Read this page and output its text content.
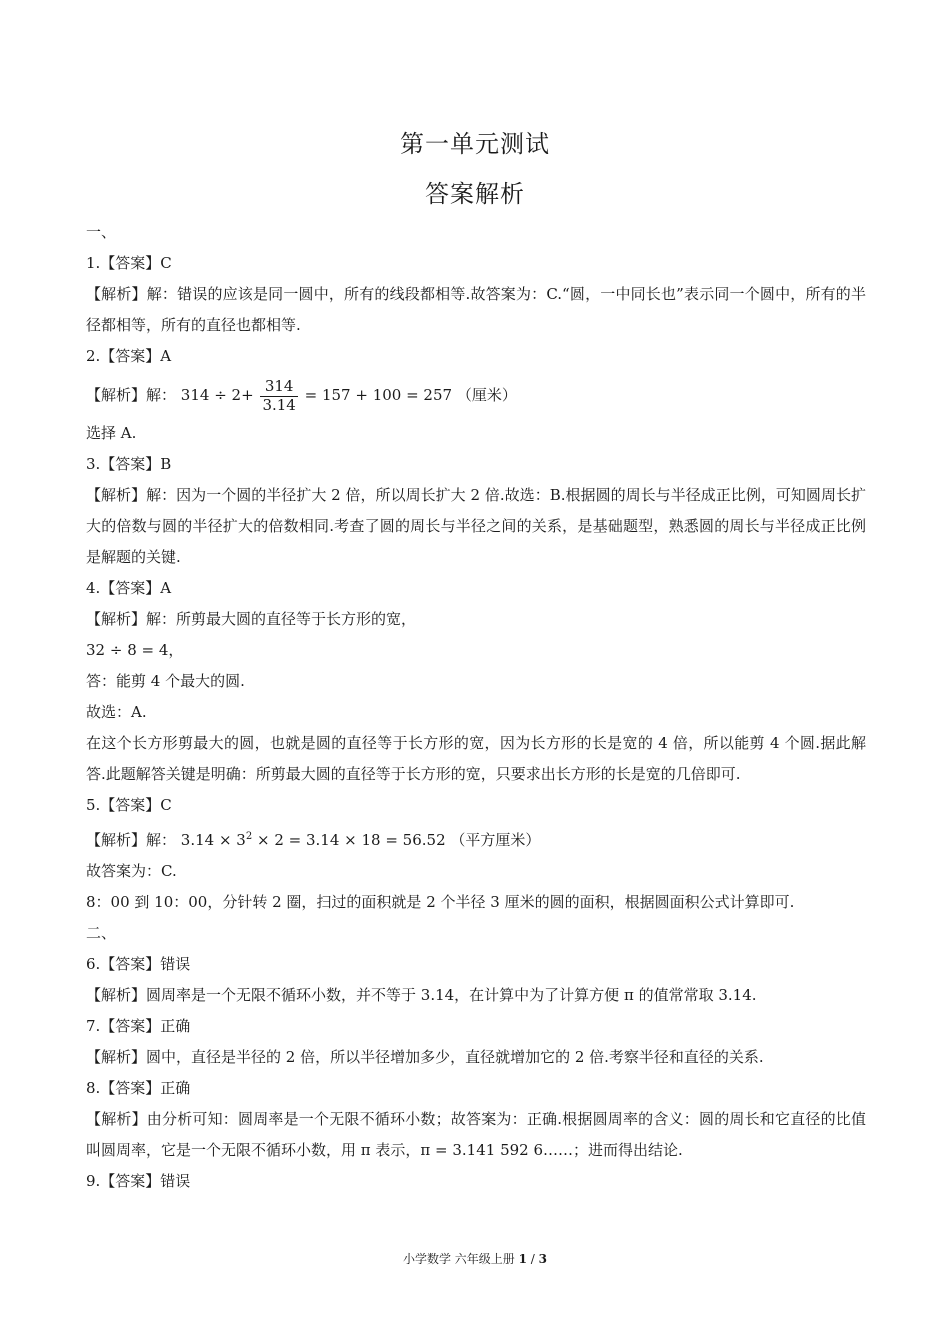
第一单元测试
答案解析
一、
1.【答案】C
【解析】解：错误的应该是同一圆中，所有的线段都相等.故答案为：C.“圆，一中同长也”表示同一个圆中，所有的半径都相等，所有的直径也都相等.
2.【答案】A
【解析】解： $314 \div 2+ \frac{314}{3.14} = 157 + 100 = 257$ （厘米）
选择 A.
3.【答案】B
【解析】解：因为一个圆的半径扩大 2 倍，所以周长扩大 2 倍.故选：B.根据圆的周长与半径成正比例，可知圆周长扩大的倍数与圆的半径扩大的倍数相同.考查了圆的周长与半径之间的关系，是基础题型，熟悉圆的周长与半径成正比例是解题的关键.
4.【答案】A
【解析】解：所剪最大圆的直径等于长方形的宽，
32 ÷ 8 = 4，
答：能剪 4 个最大的圆.
故选：A.
在这个长方形剪最大的圆，也就是圆的直径等于长方形的宽，因为长方形的长是宽的 4 倍，所以能剪 4 个圆.据此解答.此题解答关键是明确：所剪最大圆的直径等于长方形的宽，只要求出长方形的长是宽的几倍即可.
5.【答案】C
【解析】解： $3.14 \times 3^2 \times 2 = 3.14 \times 18 = 56.52$ （平方厘米）
故答案为：C.
8：00 到 10：00，分针转 2 圈，扫过的面积就是 2 个半径 3 厘米的圆的面积，根据圆面积公式计算即可.
二、
6.【答案】错误
【解析】圆周率是一个无限不循环小数，并不等于 3.14，在计算中为了计算方便 π 的值常常取 3.14.
7.【答案】正确
【解析】圆中，直径是半径的 2 倍，所以半径增加多少，直径就增加它的 2 倍.考察半径和直径的关系.
8.【答案】正确
【解析】由分析可知：圆周率是一个无限不循环小数；故答案为：正确.根据圆周率的含义：圆的周长和它直径的比值叫圆周率，它是一个无限不循环小数，用 π 表示，π = 3.141 592 6……；进而得出结论.
9.【答案】错误
小学数学 六年级上册 1 / 3
